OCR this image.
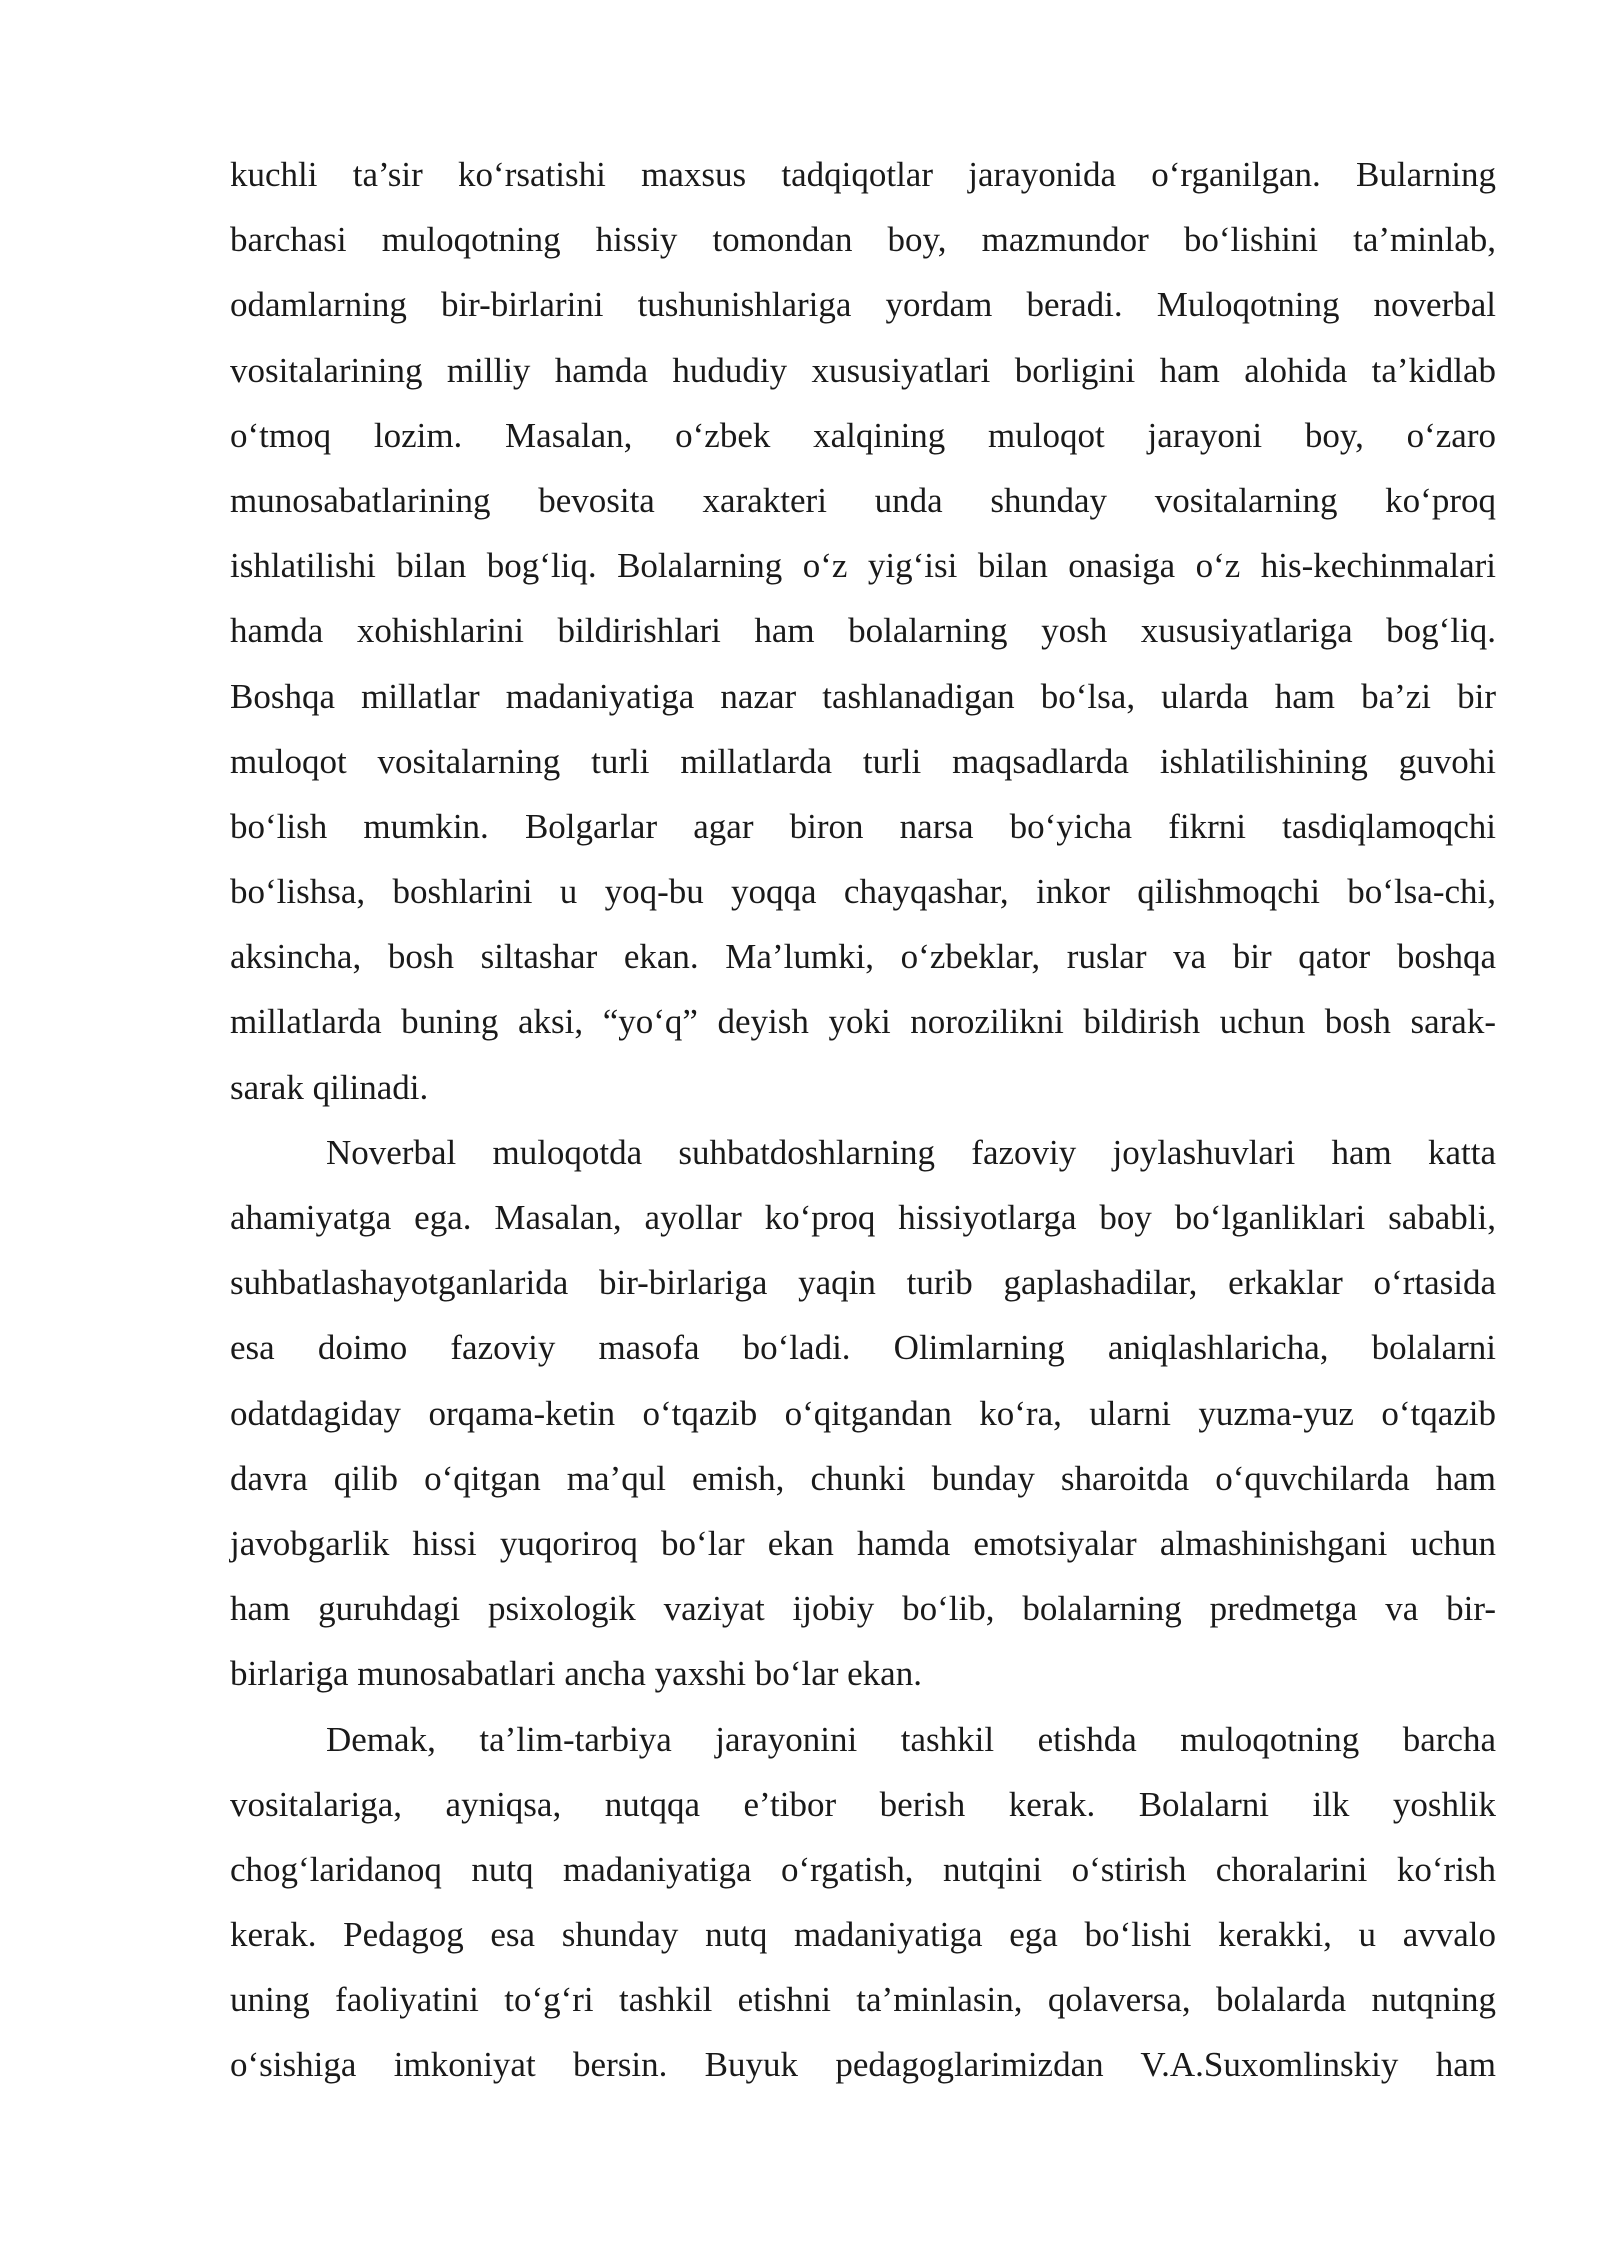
kuchli ta’sir ko‘rsatishi maxsus tadqiqotlar jarayonida o‘rganilgan. Bularning
barchasi muloqotning hissiy tomondan boy, mazmundor bo‘lishini ta’minlab,
odamlarning bir-birlarini tushunishlariga yordam beradi. Muloqotning noverbal
vositalarining milliy hamda hududiy xususiyatlari borligini ham alohida ta’kidlab
o‘tmoq lozim. Masalan, o‘zbek xalqining muloqot jarayoni boy, o‘zaro
munosabatlarining bevosita xarakteri unda shunday vositalarning ko‘proq
ishlatilishi bilan bog‘liq. Bolalarning o‘z yig‘isi bilan onasiga o‘z his-kechinmalari
hamda xohishlarini bildirishlari ham bolalarning yosh xususiyatlariga bog‘liq.
Boshqa millatlar madaniyatiga nazar tashlanadigan bo‘lsa, ularda ham ba’zi bir
muloqot vositalarning turli millatlarda turli maqsadlarda ishlatilishining guvohi
bo‘lish mumkin. Bolgarlar agar biron narsa bo‘yicha fikrni tasdiqlamoqchi
bo‘lishsa, boshlarini u yoq-bu yoqqa chayqashar, inkor qilishmoqchi bo‘lsa-chi,
aksincha, bosh siltashar ekan. Ma’lumki, o‘zbeklar, ruslar va bir qator boshqa
millatlarda buning aksi, “yo‘q” deyish yoki norozilikni bildirish uchun bosh sarak-
sarak qilinadi.
Noverbal muloqotda suhbatdoshlarning fazoviy joylashuvlari ham katta
ahamiyatga ega. Masalan, ayollar ko‘proq hissiyotlarga boy bo‘lganliklari sababli,
suhbatlashayotganlarida bir-birlariga yaqin turib gaplashadilar, erkaklar o‘rtasida
esa doimo fazoviy masofa bo‘ladi. Olimlarning aniqlashlaricha, bolalarni
odatdagiday orqama-ketin o‘tqazib o‘qitgandan ko‘ra, ularni yuzma-yuz o‘tqazib
davra qilib o‘qitgan ma’qul emish, chunki bunday sharoitda o‘quvchilarda ham
javobgarlik hissi yuqoriroq bo‘lar ekan hamda emotsiyalar almashinishgani uchun
ham guruhdagi psixologik vaziyat ijobiy bo‘lib, bolalarning predmetga va bir-
birlariga munosabatlari ancha yaxshi bo‘lar ekan.
Demak, ta’lim-tarbiya jarayonini tashkil etishda muloqotning barcha
vositalariga, ayniqsa, nutqqa e’tibor berish kerak. Bolalarni ilk yoshlik
chog‘laridanoq nutq madaniyatiga o‘rgatish, nutqini o‘stirish choralarini ko‘rish
kerak. Pedagog esa shunday nutq madaniyatiga ega bo‘lishi kerakki, u avvalo
uning faoliyatini to‘g‘ri tashkil etishni ta’minlasin, qolaversa, bolalarda nutqning
o‘sishiga imkoniyat bersin. Buyuk pedagoglarimizdan V.A.Suxomlinskiy ham
